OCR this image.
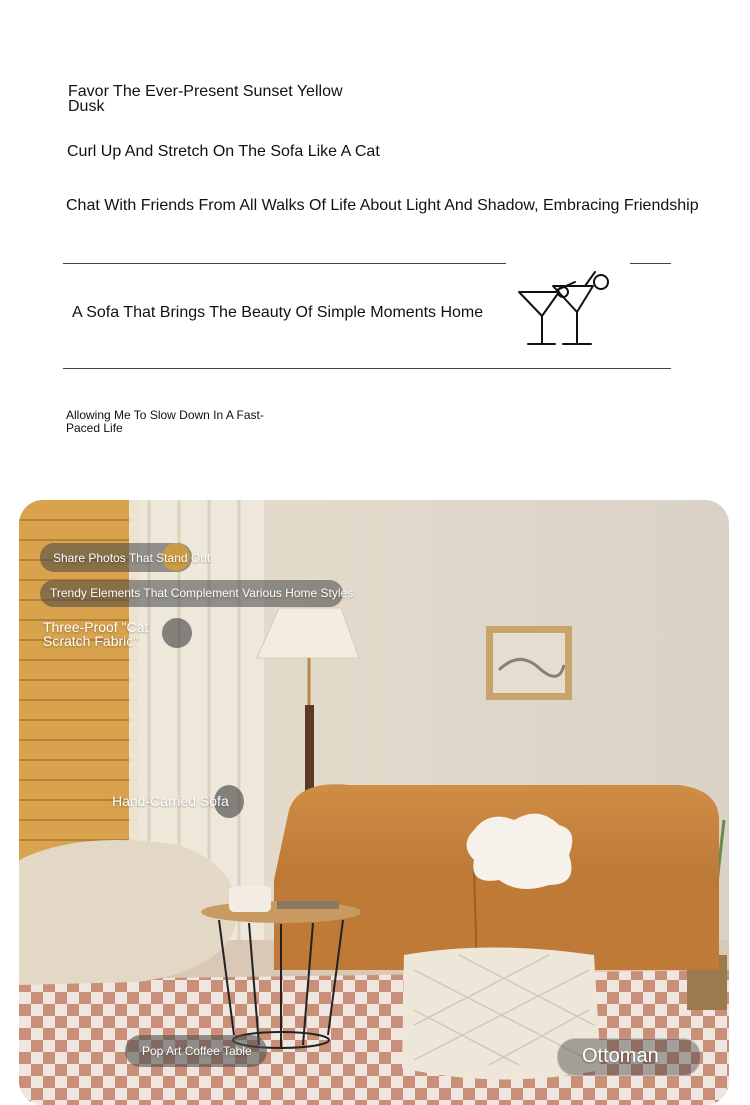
Favor The Ever-Present Sunset Yellow Dusk

Curl Up And Stretch On The Sofa Like A Cat

Chat With Friends From All Walks Of Life About Light And Shadow, Embracing Friendship

A Sofa That Brings The Beauty Of Simple Moments Home

Allowing Me To Slow Down In A Fast-Paced Life

Share Photos That Stand Out
Trendy Elements That Complement Various Home Styles
Three-Proof "Cat Scratch Fabric"
Hand-Carried Sofa
Pop Art Coffee Table	Ottoman
